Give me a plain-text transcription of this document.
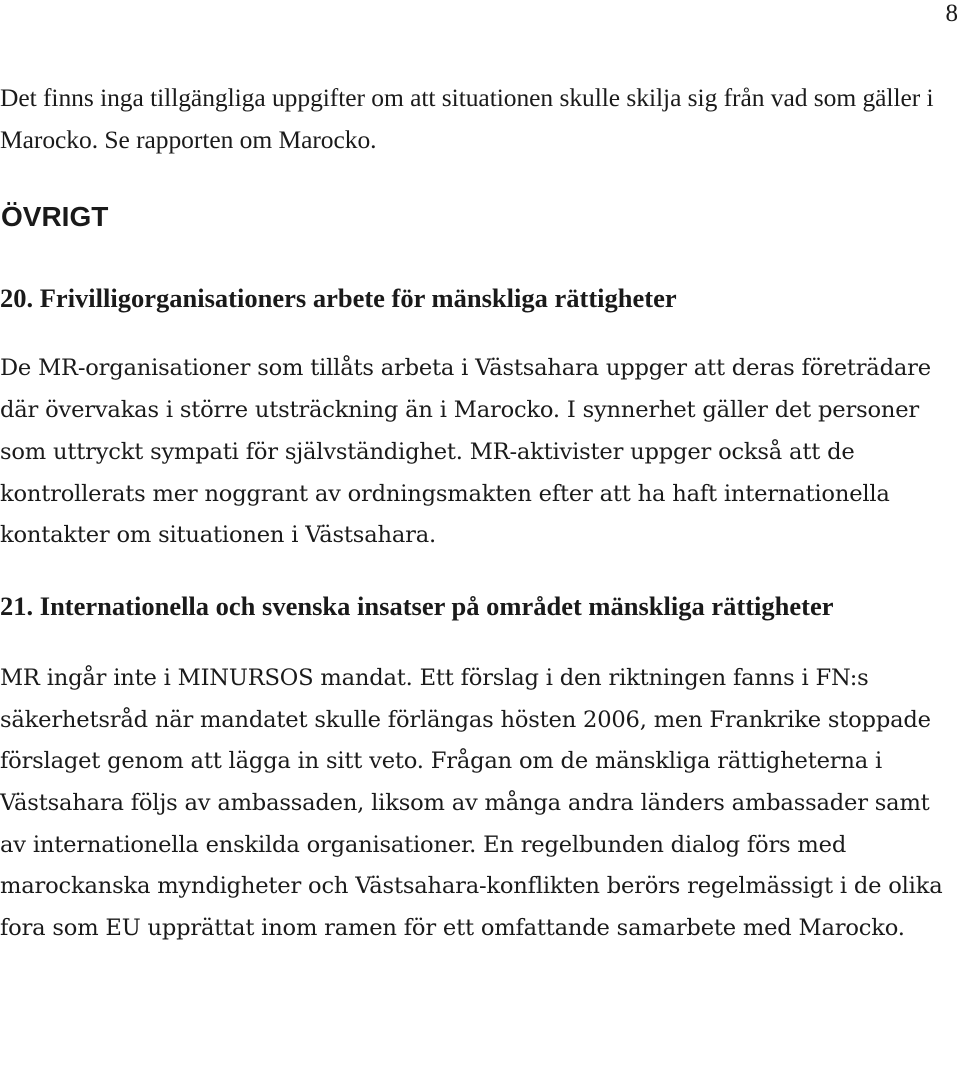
8

Det finns inga tillgängliga uppgifter om att situationen skulle skilja sig från vad som gäller i Marocko. Se rapporten om Marocko.

ÖVRIGT
20. Frivilligorganisationers arbete för mänskliga rättigheter

De MR-organisationer som tillåts arbeta i Västsahara uppger att deras företrädare där övervakas i större utsträckning än i Marocko. I synnerhet gäller det personer som uttryckt sympati för självständighet. MR-aktivister uppger också att de kontrollerats mer noggrant av ordningsmakten efter att ha haft internationella kontakter om situationen i Västsahara.

21. Internationella och svenska insatser på området mänskliga rättigheter

MR ingår inte i MINURSOS mandat. Ett förslag i den riktningen fanns i FN:s säkerhetsråd när mandatet skulle förlängas hösten 2006, men Frankrike stoppade förslaget genom att lägga in sitt veto. Frågan om de mänskliga rättigheterna i Västsahara följs av ambassaden, liksom av många andra länders ambassader samt av internationella enskilda organisationer. En regelbunden dialog förs med marockanska myndigheter och Västsahara-konflikten berörs regelmässigt i de olika fora som EU upprättat inom ramen för ett omfattande samarbete med Marocko.
